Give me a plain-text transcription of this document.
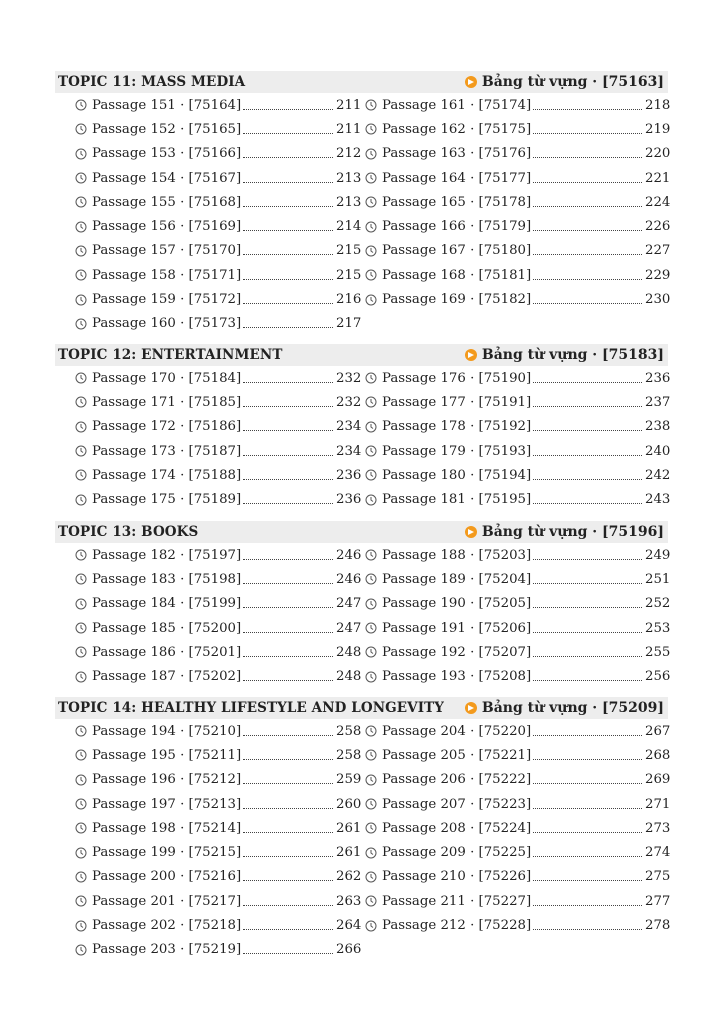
TOPIC 11: MASS MEDIA	Bảng từ vựng · [75163]
Passage 151 · [75164]	211
Passage 152 · [75165]	211
Passage 153 · [75166]	212
Passage 154 · [75167]	213
Passage 155 · [75168]	213
Passage 156 · [75169]	214
Passage 157 · [75170]	215
Passage 158 · [75171]	215
Passage 159 · [75172]	216
Passage 160 · [75173]	217
Passage 161 · [75174]	218
Passage 162 · [75175]	219
Passage 163 · [75176]	220
Passage 164 · [75177]	221
Passage 165 · [75178]	224
Passage 166 · [75179]	226
Passage 167 · [75180]	227
Passage 168 · [75181]	229
Passage 169 · [75182]	230
TOPIC 12: ENTERTAINMENT	Bảng từ vựng · [75183]
Passage 170 · [75184]	232
Passage 171 · [75185]	232
Passage 172 · [75186]	234
Passage 173 · [75187]	234
Passage 174 · [75188]	236
Passage 175 · [75189]	236
Passage 176 · [75190]	236
Passage 177 · [75191]	237
Passage 178 · [75192]	238
Passage 179 · [75193]	240
Passage 180 · [75194]	242
Passage 181 · [75195]	243
TOPIC 13: BOOKS	Bảng từ vựng · [75196]
Passage 182 · [75197]	246
Passage 183 · [75198]	246
Passage 184 · [75199]	247
Passage 185 · [75200]	247
Passage 186 · [75201]	248
Passage 187 · [75202]	248
Passage 188 · [75203]	249
Passage 189 · [75204]	251
Passage 190 · [75205]	252
Passage 191 · [75206]	253
Passage 192 · [75207]	255
Passage 193 · [75208]	256
TOPIC 14: HEALTHY LIFESTYLE AND LONGEVITY	Bảng từ vựng · [75209]
Passage 194 · [75210]	258
Passage 195 · [75211]	258
Passage 196 · [75212]	259
Passage 197 · [75213]	260
Passage 198 · [75214]	261
Passage 199 · [75215]	261
Passage 200 · [75216]	262
Passage 201 · [75217]	263
Passage 202 · [75218]	264
Passage 203 · [75219]	266
Passage 204 · [75220]	267
Passage 205 · [75221]	268
Passage 206 · [75222]	269
Passage 207 · [75223]	271
Passage 208 · [75224]	273
Passage 209 · [75225]	274
Passage 210 · [75226]	275
Passage 211 · [75227]	277
Passage 212 · [75228]	278
